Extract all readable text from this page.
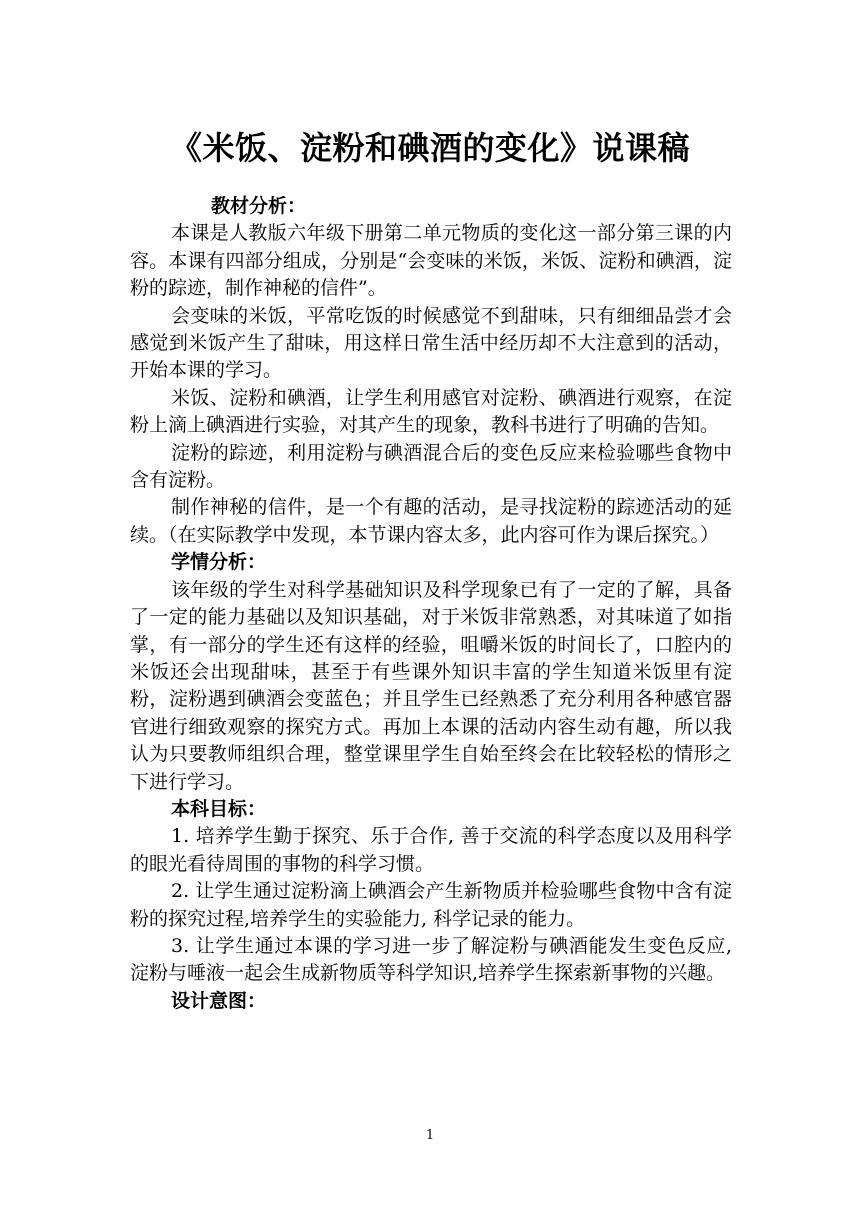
《米饭、淀粉和碘酒的变化》说课稿

教材分析：

本课是人教版六年级下册第二单元物质的变化这一部分第三课的内容。本课有四部分组成，分别是“会变味的米饭，米饭、淀粉和碘酒，淀粉的踪迹，制作神秘的信件”。

会变味的米饭，平常吃饭的时候感觉不到甜味，只有细细品尝才会感觉到米饭产生了甜味，用这样日常生活中经历却不大注意到的活动，开始本课的学习。

米饭、淀粉和碘酒，让学生利用感官对淀粉、碘酒进行观察，在淀粉上滴上碘酒进行实验，对其产生的现象，教科书进行了明确的告知。

淀粉的踪迹，利用淀粉与碘酒混合后的变色反应来检验哪些食物中含有淀粉。

制作神秘的信件，是一个有趣的活动，是寻找淀粉的踪迹活动的延续。（在实际教学中发现，本节课内容太多，此内容可作为课后探究。）

学情分析：

该年级的学生对科学基础知识及科学现象已有了一定的了解，具备了一定的能力基础以及知识基础，对于米饭非常熟悉，对其味道了如指掌，有一部分的学生还有这样的经验，咀嚼米饭的时间长了，口腔内的米饭还会出现甜味，甚至于有些课外知识丰富的学生知道米饭里有淀粉，淀粉遇到碘酒会变蓝色；并且学生已经熟悉了充分利用各种感官器官进行细致观察的探究方式。再加上本课的活动内容生动有趣，所以我认为只要教师组织合理，整堂课里学生自始至终会在比较轻松的情形之下进行学习。

本科目标：

1. 培养学生勤于探究、乐于合作, 善于交流的科学态度以及用科学的眼光看待周围的事物的科学习惯。

2. 让学生通过淀粉滴上碘酒会产生新物质并检验哪些食物中含有淀粉的探究过程,培养学生的实验能力, 科学记录的能力。

3. 让学生通过本课的学习进一步了解淀粉与碘酒能发生变色反应, 淀粉与唾液一起会生成新物质等科学知识,培养学生探索新事物的兴趣。

设计意图：

1
